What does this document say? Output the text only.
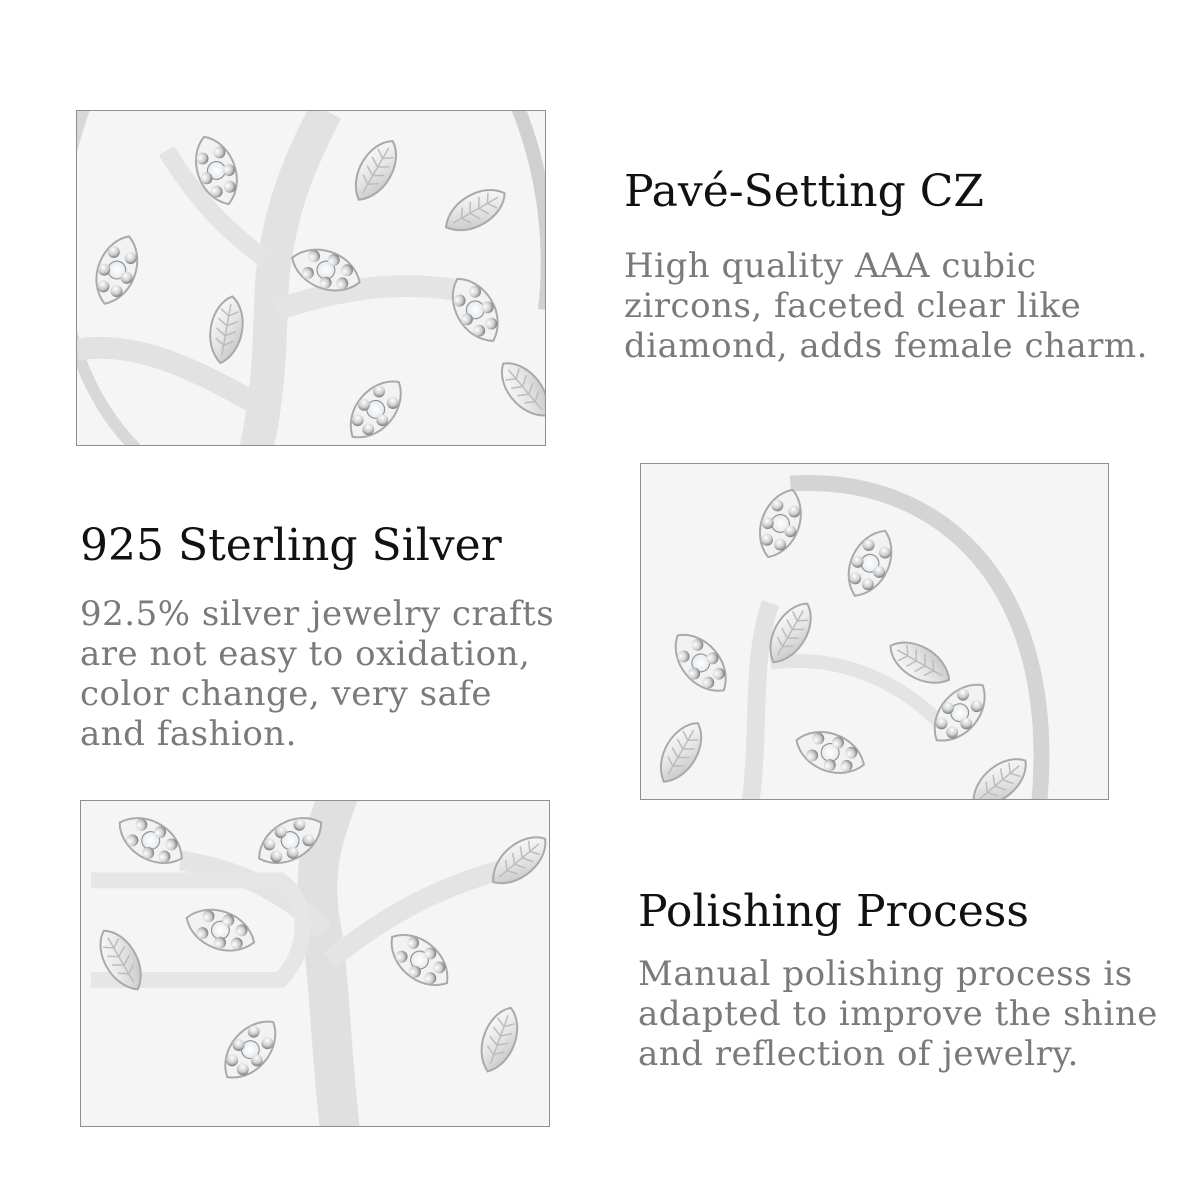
Pavé-Setting CZ

High quality AAA cubic
zircons, faceted clear like
diamond, adds female charm.

925 Sterling Silver

92.5% silver jewelry crafts
are not easy to oxidation,
color change, very safe
and fashion.

Polishing Process

Manual polishing process is
adapted to improve the shine
and reflection of jewelry.
